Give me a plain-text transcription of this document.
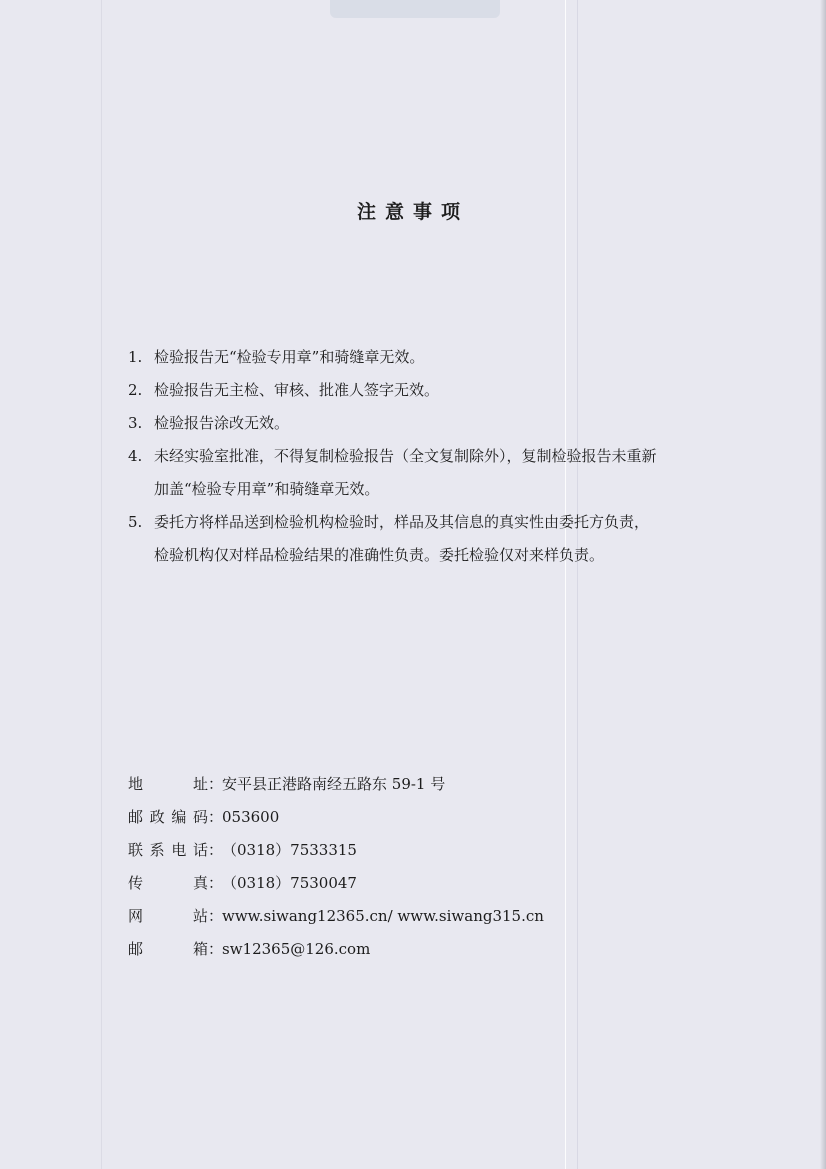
注意事项
1. 检验报告无“检验专用章”和骑缝章无效。
2. 检验报告无主检、审核、批准人签字无效。
3. 检验报告涂改无效。
4. 未经实验室批准，不得复制检验报告（全文复制除外），复制检验报告未重新
加盖“检验专用章”和骑缝章无效。
5. 委托方将样品送到检验机构检验时，样品及其信息的真实性由委托方负责，
检验机构仅对样品检验结果的准确性负责。委托检验仅对来样负责。
地址 ：
安平县正港路南经五路东 59-1 号
邮政编码 ：
053600
联系电话 ：
（0318）7533315
传真 ：
（0318）7530047
网站 ：
www.siwang12365.cn/ www.siwang315.cn
邮箱 ：
sw12365@126.com
